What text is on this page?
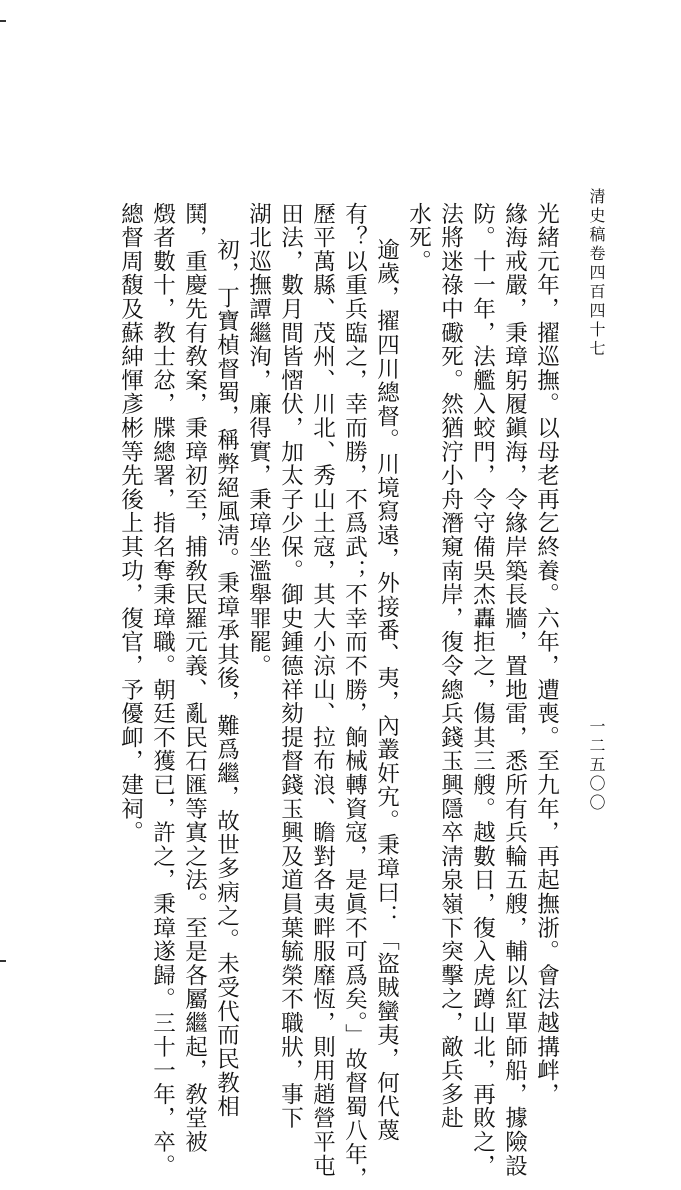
清史稿卷四百四十七
一二五〇〇
光緒元年，擢巡撫。以母老再乞終養。六年，遭喪。至九年，再起撫浙。會法越搆衅，
緣海戒嚴，秉璋躬履鎭海，令緣岸築長牆，置地雷，悉所有兵輪五艘，輔以紅單師船，據險設
防。十一年，法艦入蛟門，令守備吳杰轟拒之，傷其三艘。越數日，復入虎蹲山北，再敗之，
法將迷祿中礮死。然猶泞小舟潛窺南岸，復令總兵錢玉興隱卒淸泉嶺下突擊之，敵兵多赴
水死。
逾歲，擢四川總督。川境寫遠，外接番、夷，內叢奸宄。秉璋曰：「盜賊蠻夷，何代蔑
有？以重兵臨之，幸而勝，不爲武；不幸而不勝，餉械轉資寇，是眞不可爲矣。」故督蜀八年，
歷平萬縣、茂州、川北、秀山土寇，其大小涼山、拉布浪、瞻對各夷畔服靡恆，則用趙營平屯
田法，數月間皆慴伏，加太子少保。御史鍾德祥劾提督錢玉興及道員葉毓榮不職狀，事下
湖北巡撫譚繼洵，廉得實，秉璋坐濫舉罪罷。
初，丁寶楨督蜀，稱弊絕風淸。秉璋承其後，難爲繼，故世多病之。未受代而民教相
鬨，重慶先有敎案，秉璋初至，捕敎民羅元義、亂民石匯等寘之法。至是各屬繼起，敎堂被
燬者數十，教士忿，牒總署，指名奪秉璋職。朝廷不獲已，許之，秉璋遂歸。三十一年，卒。
總督周馥及蘇紳惲彥彬等先後上其功，復官，予優卹，建祠。
